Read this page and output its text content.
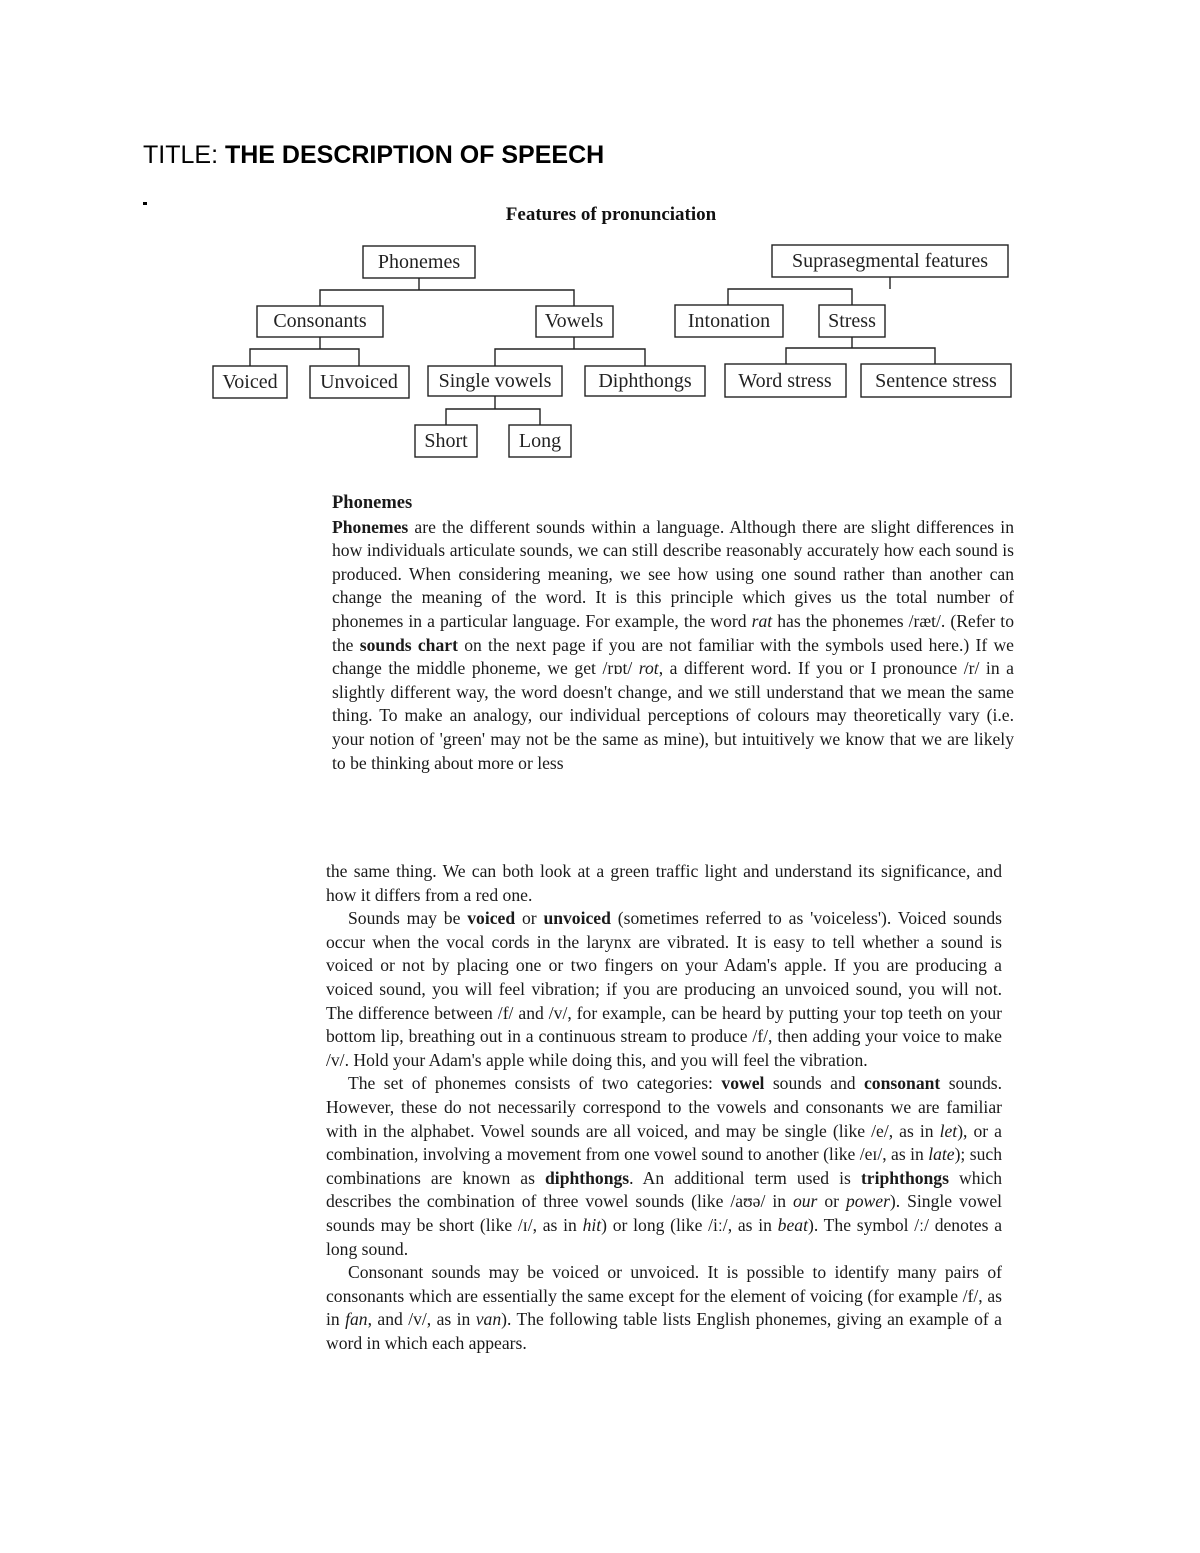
TITLE: THE DESCRIPTION OF SPEECH
Features of pronunciation
Phonemes	Suprasegmental features
Consonants	Vowels	Intonation	Stress
Voiced Unvoiced Single vowels Diphthongs Word stress Sentence stress
Short	Long
Phonemes

Phonemes are the different sounds within a language. Although there are slight differences in how individuals articulate sounds, we can still describe reasonably accurately how each sound is produced. When considering meaning, we see how using one sound rather than another can change the meaning of the word. It is this principle which gives us the total number of phonemes in a particular language. For example, the word rat has the phonemes /ræt/. (Refer to the sounds chart on the next page if you are not familiar with the symbols used here.) If we change the middle phoneme, we get /rɒt/ rot, a different word. If you or I pronounce /r/ in a slightly different way, the word doesn't change, and we still understand that we mean the same thing. To make an analogy, our individual perceptions of colours may theoretically vary (i.e. your notion of 'green' may not be the same as mine), but intuitively we know that we are likely to be thinking about more or less

the same thing. We can both look at a green traffic light and understand its significance, and how it differs from a red one.

Sounds may be voiced or unvoiced (sometimes referred to as 'voiceless'). Voiced sounds occur when the vocal cords in the larynx are vibrated. It is easy to tell whether a sound is voiced or not by placing one or two fingers on your Adam's apple. If you are producing a voiced sound, you will feel vibration; if you are producing an unvoiced sound, you will not. The difference between /f/ and /v/, for example, can be heard by putting your top teeth on your bottom lip, breathing out in a continuous stream to produce /f/, then adding your voice to make /v/. Hold your Adam's apple while doing this, and you will feel the vibration.

The set of phonemes consists of two categories: vowel sounds and consonant sounds. However, these do not necessarily correspond to the vowels and consonants we are familiar with in the alphabet. Vowel sounds are all voiced, and may be single (like /e/, as in let), or a combination, involving a movement from one vowel sound to another (like /eɪ/, as in late); such combinations are known as diphthongs. An additional term used is triphthongs which describes the combination of three vowel sounds (like /aʊə/ in our or power). Single vowel sounds may be short (like /ɪ/, as in hit) or long (like /iː/, as in beat). The symbol /ː/ denotes a long sound.

Consonant sounds may be voiced or unvoiced. It is possible to identify many pairs of consonants which are essentially the same except for the element of voicing (for example /f/, as in fan, and /v/, as in van). The following table lists English phonemes, giving an example of a word in which each appears.
